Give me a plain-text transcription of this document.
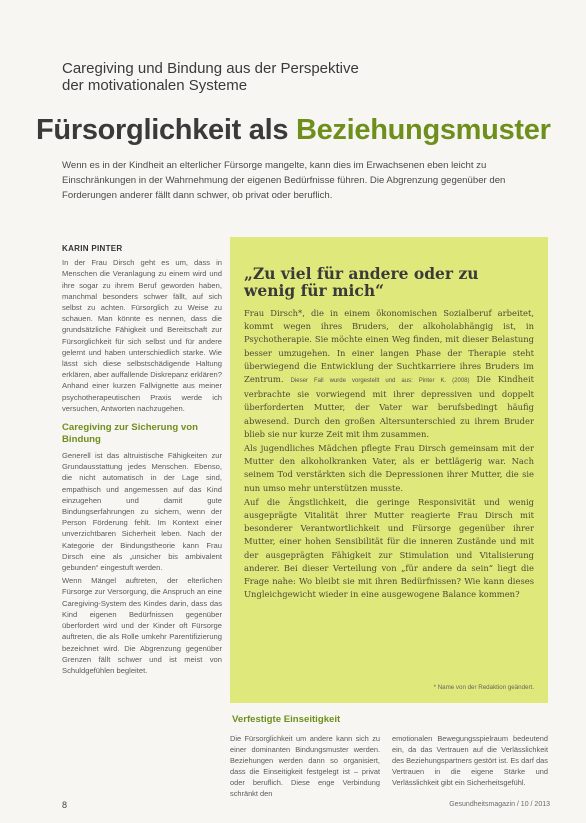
Caregiving und Bindung aus der Perspektive
der motivationalen Systeme
Fürsorglichkeit als Beziehungsmuster
Wenn es in der Kindheit an elterlicher Fürsorge mangelte, kann dies im Erwachsenen eben leicht zu Einschränkungen in der Wahrnehmung der eigenen Bedürfnisse führen. Die Abgrenzung gegenüber den Forderungen anderer fällt dann schwer, ob privat oder beruflich.
KARIN PINTER

In der Frau Dirsch geht es um, dass in Menschen die Veranlagung zu einem wird und ihre sogar zu ihrem Beruf geworden haben, manchmal besonders schwer fällt, auf sich selbst zu achten. Fürsorglich zu Weise zu schauen. Man könnte es nennen, dass die grundsätzliche Fähigkeit und Bereitschaft zur Fürsorglichkeit für sich selbst und für andere gelernt und haben unterschiedlich starke. Wie lässt sich diese selbstschädigende Haltung erklären, aber auffallende Diskrepanz erklären? Anhand einer kurzen Fallvignette aus meiner psychotherapeutischen Praxis werde ich versuchen, Antworten nachzugehen.

Caregiving zur Sicherung von Bindung

Generell ist das altruistische Fähigkeiten zur Grundausstattung jedes Menschen. Ebenso, die nicht automatisch in der Lage sind, empathisch und angemessen auf das Kind einzugehen und damit gute Bindungserfahrungen zu sichern, wenn der Person Förderung fehlt. Im Kontext einer unverzichtbaren Sicherheit leben. Nach der Kategorie der Bindungstheorie kann Frau Dirsch eine als „unsicher bis ambivalent gebunden“ eingestuft werden.

Wenn Mängel auftreten, der elterlichen Fürsorge zur Versorgung, die Anspruch an eine Caregiving-System des Kindes darin, dass das Kind eigenen Bedürfnissen gegenüber überfordert wird und der Kinder oft Fürsorge auftreten, die als Rolle umkehr Parentifizierung bezeichnet wird. Die Abgrenzung gegenüber Grenzen fällt schwer und ist meist von Schuldgefühlen begleitet.

„Zu viel für andere oder zu wenig für mich“

Frau Dirsch*, die in einem ökonomischen Sozialberuf arbeitet, kommt wegen ihres Bruders, der alkoholabhängig ist, in Psychotherapie. Sie möchte einen Weg finden, mit dieser Belastung besser umzugehen. In einer langen Phase der Therapie steht überwiegend die Entwicklung der Suchtkarriere ihres Bruders im Zentrum. Dieser Fall wurde vorgestellt und aus: Pinter K. (2008) Die Kindheit verbrachte sie vorwiegend mit ihrer depressiven und doppelt überforderten Mutter, der Vater war berufsbedingt häufig abwesend. Durch den großen Altersunterschied zu ihrem Bruder blieb sie nur kurze Zeit mit ihm zusammen.

Als jugendliches Mädchen pflegte Frau Dirsch gemeinsam mit der Mutter den alkoholkranken Vater, als er bettlägerig war. Nach seinem Tod verstärkten sich die Depressionen ihrer Mutter, die sie nun umso mehr unterstützen musste.

Auf die Ängstlichkeit, die geringe Responsivität und wenig ausgeprägte Vitalität ihrer Mutter reagierte Frau Dirsch mit besonderer Verantwortlichkeit und Fürsorge gegenüber ihrer Mutter, einer hohen Sensibilität für die inneren Zustände und mit der ausgeprägten Fähigkeit zur Stimulation und Vitalisierung anderer. Bei dieser Verteilung von „für andere da sein“ liegt die Frage nahe: Wo bleibt sie mit ihren Bedürfnissen? Wie kann dieses Ungleichgewicht wieder in eine ausgewogene Balance kommen?

* Name von der Redaktion geändert.
Verfestigte Einseitigkeit
Die Fürsorglichkeit um andere kann sich zu einer dominanten Bindungsmuster werden. Beziehungen werden dann so organisiert, dass die Einseitigkeit festgelegt ist – privat oder beruflich. Diese enge Verbindung schränkt den
emotionalen Bewegungsspielraum bedeutend ein, da das Vertrauen auf die Verlässlichkeit des Beziehungspartners gestört ist. Es darf das Vertrauen in die eigene Stärke und Verlässlichkeit gibt ein Sicherheitsgefühl.
8	Gesundheitsmagazin / 10 / 2013
